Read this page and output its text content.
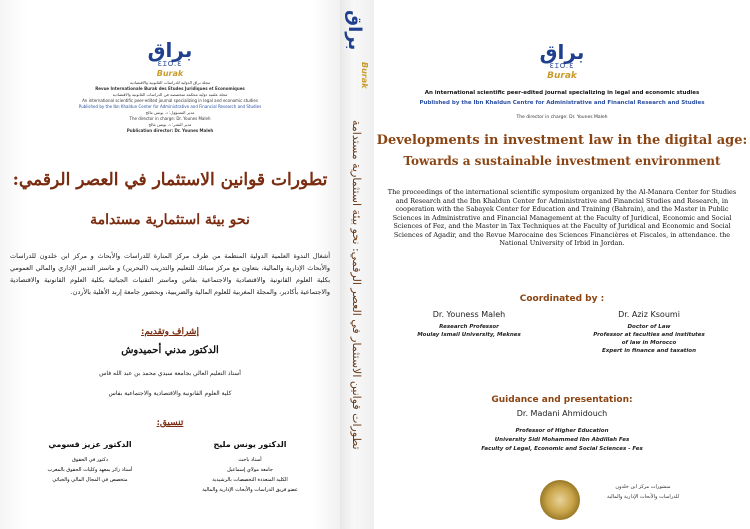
براق
ƐꞮO.Ɛ
Burak
مجلة براق الدولية للدراسات القانونية والاقتصادية
Revue Internationale Burak des Etudes Juridiques et Economiques
مجلة علمية دولية محكمة متخصصة في الدراسات القانونية والاقتصادية
An international scientific peer-edited journal specializing in legal and economic studies
Published by the Ibn Khaldun Center for Administrative and Financial Research and Studies
مدير المسؤول: د. يونس مالح
The director in charge: Dr. Younes Maleh
مدير النشر: د. يونس مالح
Publication director: Dr. Younes Maleh
تطورات قوانين الاستثمار في العصر الرقمي:
نحو بيئة استثمارية مستدامة
أشغال الندوة العلمية الدولية المنظمة من طرف مركز المنارة للدراسات والأبحاث و مركز ابن خلدون للدراسات والأبحاث الإدارية والمالية، بتعاون مع مركز سبائك للتعليم والتدريب (البحرين) و ماستر التدبير الإداري والمالي العمومي بكلية العلوم القانونية والاقتصادية والاجتماعية بفاس وماستر التقنيات الجبائية بكلية العلوم القانونية والاقتصادية والاجتماعية بأكادير، والمجلة المغربية للعلوم المالية والضريبية، وبحضور جامعة إربد الأهلية بالأردن.
إشراف وتقديم:
الدكتور مدني أحميدوش
أستاذ التعليم العالي بجامعة سيدي محمد بن عبد الله فاس
كلية العلوم القانونية والاقتصادية والاجتماعية بفاس
تنسيق:
الدكتور يونس مليح
أستاذ باحث
جامعة مولاي إسماعيل
الكلية المتعددة التخصصات بالرشيدية
عضو فريق الدراسات والأبحاث الإدارية والمالية
الدكتور عزيز قسومي
دكتور في الحقوق
أستاذ زائر بمعهد وكليات الحقوق بالمغرب
متخصص في المجال المالي والجبائي
براق
Burak
تطورات قوانين الاستثمار في العصر الرقمي: نحو بيئة استثمارية مستدامة
براق
ƐꞮO.Ɛ
Burak
An international scientific peer-edited journal specializing in legal and economic studies
Published by the Ibn Khaldun Centre for Administrative and Financial Research and Studies
The director in charge: Dr. Younes Maleh
Developments in investment law in the digital age:
Towards a sustainable investment environment
The proceedings of the international scientific symposium organized by the Al-Manara Center for Studies and Research and the Ibn Khaldun Center for Administrative and Financial Studies and Research, in cooperation with the Sabayek Center for Education and Training (Bahrain), and the Master in Public Sciences in Administrative and Financial Management at the Faculty of Juridical, Economic and Social Sciences of Fez, and the Master in Tax Techniques at the Faculty of Juridical and Economic and Social Sciences of Agadir, and the Revue Marocaine des Sciences Financières et Fiscales, in attendance. the National University of Irbid in Jordan.
Coordinated by :
Dr. Youness Maleh
Research Professor
Moulay Ismail University, Meknes
Dr. Aziz Ksoumi
Doctor of Law
Professor at faculties and institutes
of law in Morocco
Expert in finance and taxation
Guidance and presentation:
Dr. Madani Ahmidouch
Professor of Higher Education
University Sidi Mohammed Ibn Abdillah Fes
Faculty of Legal, Economic and Social Sciences - Fes
منشورات مركز ابن خلدون
للدراسات والأبحاث الإدارية والمالية
